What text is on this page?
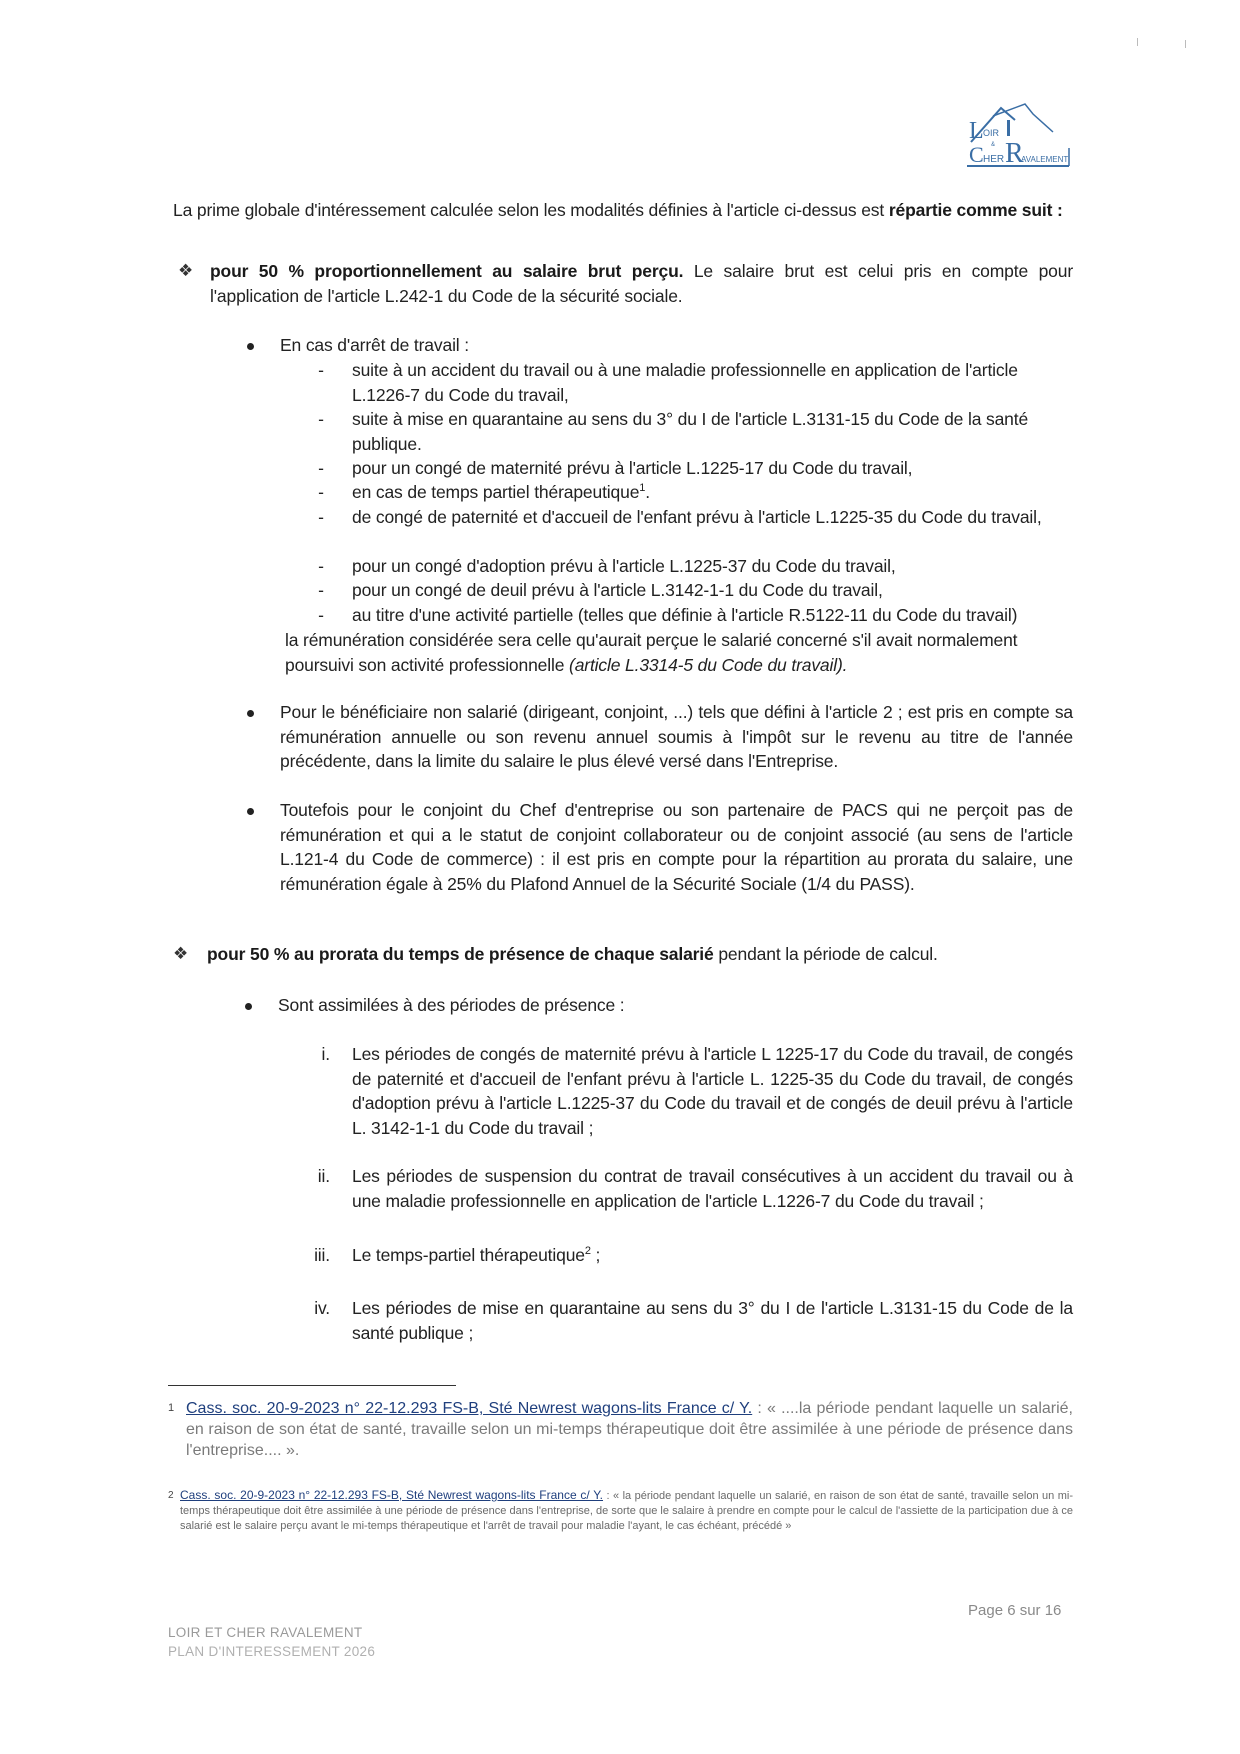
L OIR
&
C HER R
AVALEMENT
La prime globale d'intéressement calculée selon les modalités définies à l'article ci-dessus est répartie comme suit :
❖ pour 50 % proportionnellement au salaire brut perçu. Le salaire brut est celui pris en compte pour l'application de l'article L.242-1 du Code de la sécurité sociale.
En cas d'arrêt de travail :
-	suite à un accident du travail ou à une maladie professionnelle en application de l'article L.1226-7 du Code du travail,
-	suite à mise en quarantaine au sens du 3° du I de l'article L.3131-15 du Code de la santé publique.
-	pour un congé de maternité prévu à l'article L.1225-17 du Code du travail,
-	en cas de temps partiel thérapeutique$^1$.
-	de congé de paternité et d'accueil de l'enfant prévu à l'article L.1225-35 du Code du travail,
-	pour un congé d'adoption prévu à l'article L.1225-37 du Code du travail,
-	pour un congé de deuil prévu à l'article L.3142-1-1 du Code du travail,
-	au titre d'une activité partielle (telles que définie à l'article R.5122-11 du Code du travail)
la rémunération considérée sera celle qu'aurait perçue le salarié concerné s'il avait normalement poursuivi son activité professionnelle (article L.3314-5 du Code du travail).
Pour le bénéficiaire non salarié (dirigeant, conjoint, ...) tels que défini à l'article 2 ; est pris en compte sa rémunération annuelle ou son revenu annuel soumis à l'impôt sur le revenu au titre de l'année précédente, dans la limite du salaire le plus élevé versé dans l'Entreprise.
Toutefois pour le conjoint du Chef d'entreprise ou son partenaire de PACS qui ne perçoit pas de rémunération et qui a le statut de conjoint collaborateur ou de conjoint associé (au sens de l'article L.121-4 du Code de commerce) : il est pris en compte pour la répartition au prorata du salaire, une rémunération égale à 25% du Plafond Annuel de la Sécurité Sociale (1/4 du PASS).
❖ pour 50 % au prorata du temps de présence de chaque salarié pendant la période de calcul.
Sont assimilées à des périodes de présence :
i. Les périodes de congés de maternité prévu à l'article L 1225-17 du Code du travail, de congés de paternité et d'accueil de l'enfant prévu à l'article L. 1225-35 du Code du travail, de congés d'adoption prévu à l'article L.1225-37 du Code du travail et de congés de deuil prévu à l'article L. 3142-1-1 du Code du travail ;
ii. Les périodes de suspension du contrat de travail consécutives à un accident du travail ou à une maladie professionnelle en application de l'article L.1226-7 du Code du travail ;
iii. Le temps-partiel thérapeutique$^2$ ;
iv. Les périodes de mise en quarantaine au sens du 3° du I de l'article L.3131-15 du Code de la santé publique ;
1 Cass. soc. 20-9-2023 n° 22-12.293 FS-B, Sté Newrest wagons-lits France c/ Y. : « ....la période pendant laquelle un salarié, en raison de son état de santé, travaille selon un mi-temps thérapeutique doit être assimilée à une période de présence dans l'entreprise.... ».
2 Cass. soc. 20-9-2023 n° 22-12.293 FS-B, Sté Newrest wagons-lits France c/ Y. : « la période pendant laquelle un salarié, en raison de son état de santé, travaille selon un mi-temps thérapeutique doit être assimilée à une période de présence dans l'entreprise, de sorte que le salaire à prendre en compte pour le calcul de l'assiette de la participation due à ce salarié est le salaire perçu avant le mi-temps thérapeutique et l'arrêt de travail pour maladie l'ayant, le cas échéant, précédé »
Page 6 sur 16
LOIR ET CHER RAVALEMENT
PLAN D'INTERESSEMENT 2026
